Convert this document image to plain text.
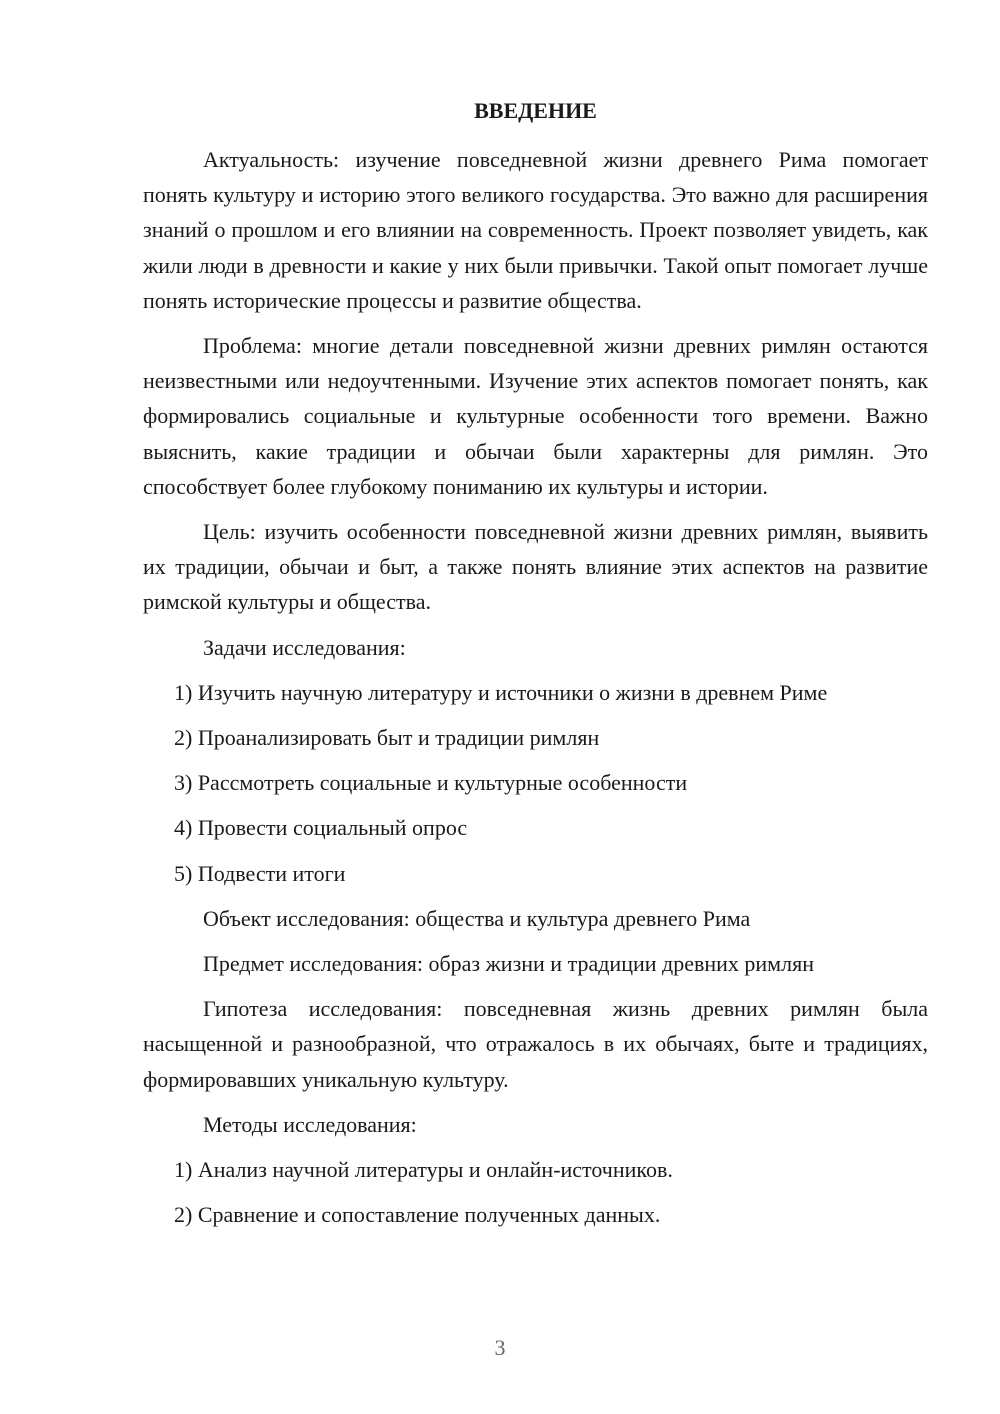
ВВЕДЕНИЕ

Актуальность: изучение повседневной жизни древнего Рима помогает понять культуру и историю этого великого государства. Это важно для расширения знаний о прошлом и его влиянии на современность. Проект позволяет увидеть, как жили люди в древности и какие у них были привычки. Такой опыт помогает лучше понять исторические процессы и развитие общества.

Проблема: многие детали повседневной жизни древних римлян остаются неизвестными или недоучтенными. Изучение этих аспектов помогает понять, как формировались социальные и культурные особенности того времени. Важно выяснить, какие традиции и обычаи были характерны для римлян. Это способствует более глубокому пониманию их культуры и истории.

Цель: изучить особенности повседневной жизни древних римлян, выявить их традиции, обычаи и быт, а также понять влияние этих аспектов на развитие римской культуры и общества.

Задачи исследования:

1) Изучить научную литературу и источники о жизни в древнем Риме

2) Проанализировать быт и традиции римлян

3) Рассмотреть социальные и культурные особенности

4) Провести социальный опрос

5) Подвести итоги

Объект исследования: общества и культура древнего Рима

Предмет исследования: образ жизни и традиции древних римлян

Гипотеза исследования: повседневная жизнь древних римлян была насыщенной и разнообразной, что отражалось в их обычаях, быте и традициях, формировавших уникальную культуру.

Методы исследования:

1) Анализ научной литературы и онлайн-источников.

2) Сравнение и сопоставление полученных данных.

3
